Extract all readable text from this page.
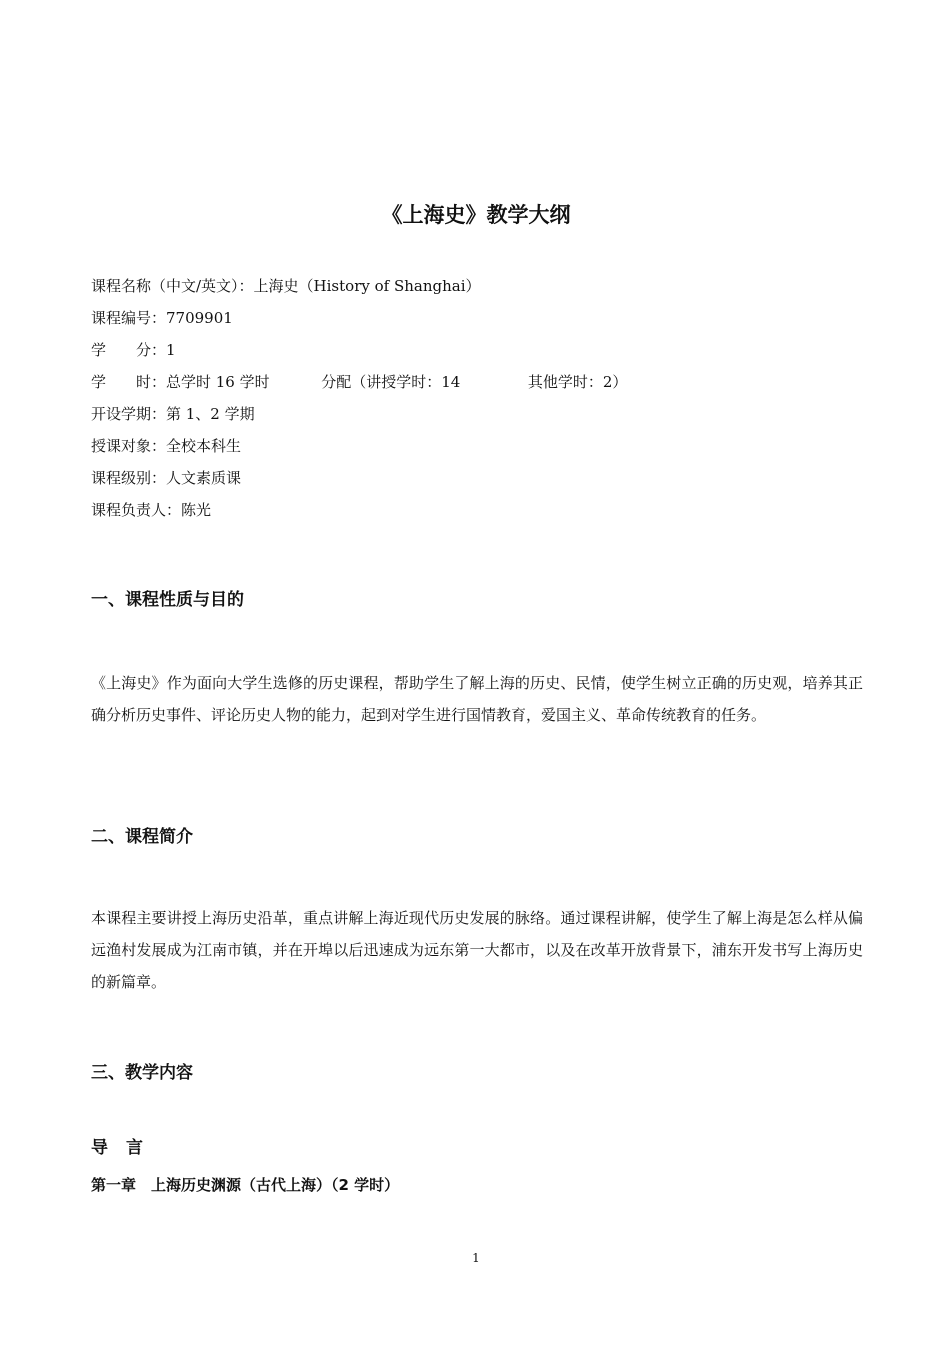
《上海史》教学大纲
课程名称（中文/英文）：上海史（History of Shanghai）
课程编号：7709901
学　　分：1
学　　时：总学时 16 学时	分配（讲授学时：14	其他学时：2）
开设学期：第 1、2 学期
授课对象：全校本科生
课程级别：人文素质课
课程负责人：陈光
一、课程性质与目的

《上海史》作为面向大学生选修的历史课程，帮助学生了解上海的历史、民情，使学生树立正确的历史观，培养其正确分析历史事件、评论历史人物的能力，起到对学生进行国情教育，爱国主义、革命传统教育的任务。

二、课程简介

本课程主要讲授上海历史沿革，重点讲解上海近现代历史发展的脉络。通过课程讲解，使学生了解上海是怎么样从偏远渔村发展成为江南市镇，并在开埠以后迅速成为远东第一大都市，以及在改革开放背景下，浦东开发书写上海历史的新篇章。

三、教学内容
导言
第一章　上海历史渊源（古代上海）（2 学时）
1
